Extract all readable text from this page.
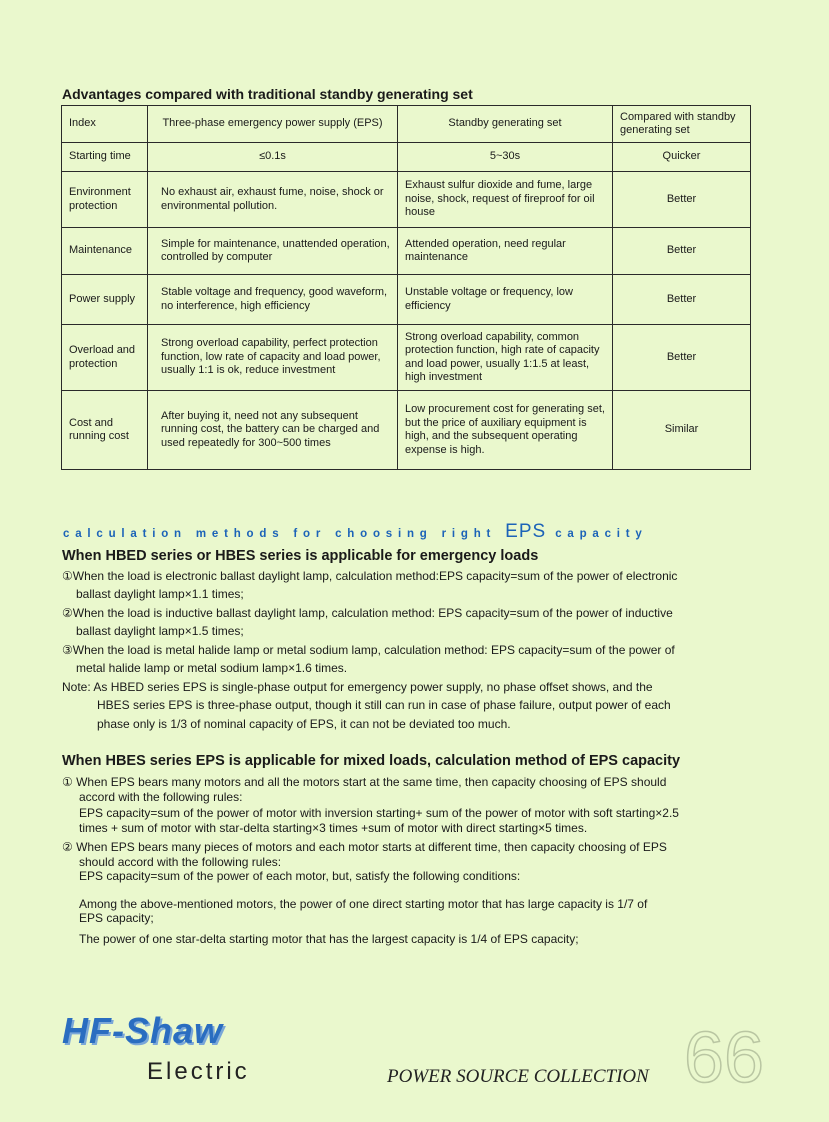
Advantages compared with traditional standby generating set
Index	Three-phase emergency power supply (EPS)	Standby generating set	Compared with standby generating set
Starting time	≤0.1s	5~30s	Quicker
Environment protection	No exhaust air, exhaust fume, noise, shock or environmental pollution.	Exhaust sulfur dioxide and fume, large noise, shock, request of fireproof for oil house	Better
Maintenance	Simple for maintenance, unattended operation, controlled by computer	Attended operation, need regular maintenance	Better
Power supply	Stable voltage and frequency, good waveform, no interference, high efficiency	Unstable voltage or frequency, low efficiency	Better
Overload and protection	Strong overload capability, perfect protection function, low rate of capacity and load power, usually 1:1 is ok, reduce investment	Strong overload capability, common protection function, high rate of capacity and load power, usually 1:1.5 at least, high investment	Better
Cost and running cost	After buying it, need not any subsequent running cost, the battery can be charged and used repeatedly for 300~500 times	Low procurement cost for generating set, but the price of auxiliary equipment is high, and the subsequent operating expense is high.	Similar
calculation methods for choosing right EPS capacity
When HBED series or HBES series is applicable for emergency loads

①When the load is electronic ballast daylight lamp, calculation method:EPS capacity=sum of the power of electronic

ballast daylight lamp×1.1 times;

②When the load is inductive ballast daylight lamp, calculation method: EPS capacity=sum of the power of inductive

ballast daylight lamp×1.5 times;

③When the load is metal halide lamp or metal sodium lamp, calculation method: EPS capacity=sum of the power of

metal halide lamp or metal sodium lamp×1.6 times.

Note: As HBED series EPS is single-phase output for emergency power supply, no phase offset shows, and the

HBES series EPS is three-phase output, though it still can run in case of phase failure, output power of each

phase only is 1/3 of nominal capacity of EPS, it can not be deviated too much.

When HBES series EPS is applicable for mixed loads, calculation method of EPS capacity

① When EPS bears many motors and all the motors start at the same time, then capacity choosing of EPS should

accord with the following rules:

EPS capacity=sum of the power of motor with inversion starting+ sum of the power of motor with soft starting×2.5

times + sum of motor with star-delta starting×3 times +sum of motor with direct starting×5 times.

② When EPS bears many pieces of motors and each motor starts at different time, then capacity choosing of EPS

should accord with the following rules:

EPS capacity=sum of the power of each motor, but, satisfy the following conditions:

Among the above-mentioned motors, the power of one direct starting motor that has large capacity is 1/7 of

EPS capacity;

The power of one star-delta starting motor that has the largest capacity is 1/4 of EPS capacity;

HF-Shaw
Electric	POWER SOURCE COLLECTION 66
